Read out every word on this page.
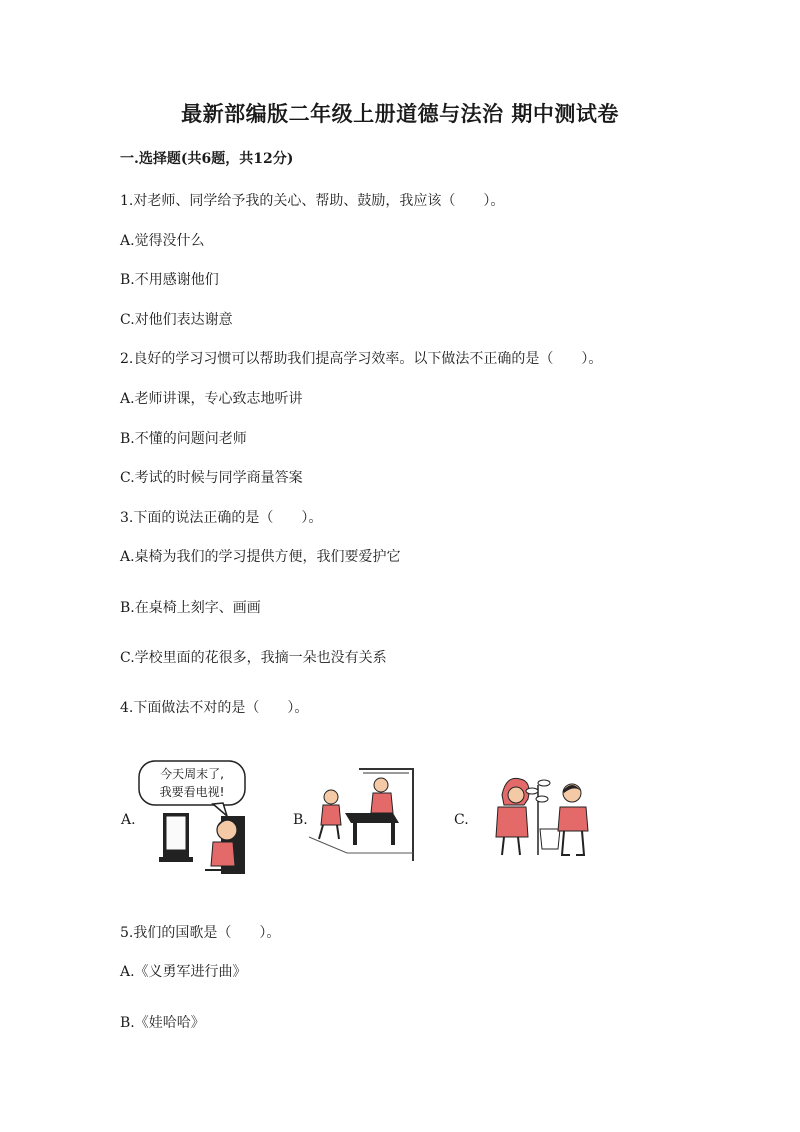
最新部编版二年级上册道德与法治 期中测试卷
一.选择题(共6题，共12分)
1.对老师、同学给予我的关心、帮助、鼓励，我应该（　　）。
A.觉得没什么
B.不用感谢他们
C.对他们表达谢意
2.良好的学习习惯可以帮助我们提高学习效率。以下做法不正确的是（　　）。
A.老师讲课，专心致志地听讲
B.不懂的问题问老师
C.考试的时候与同学商量答案
3.下面的说法正确的是（　　）。
A.桌椅为我们的学习提供方便，我们要爱护它
B.在桌椅上刻字、画画
C.学校里面的花很多，我摘一朵也没有关系
4.下面做法不对的是（　　）。
A.
今天周末了,
我要看电视!
B.	C.
5.我们的国歌是（　　）。
A.《义勇军进行曲》
B.《娃哈哈》
